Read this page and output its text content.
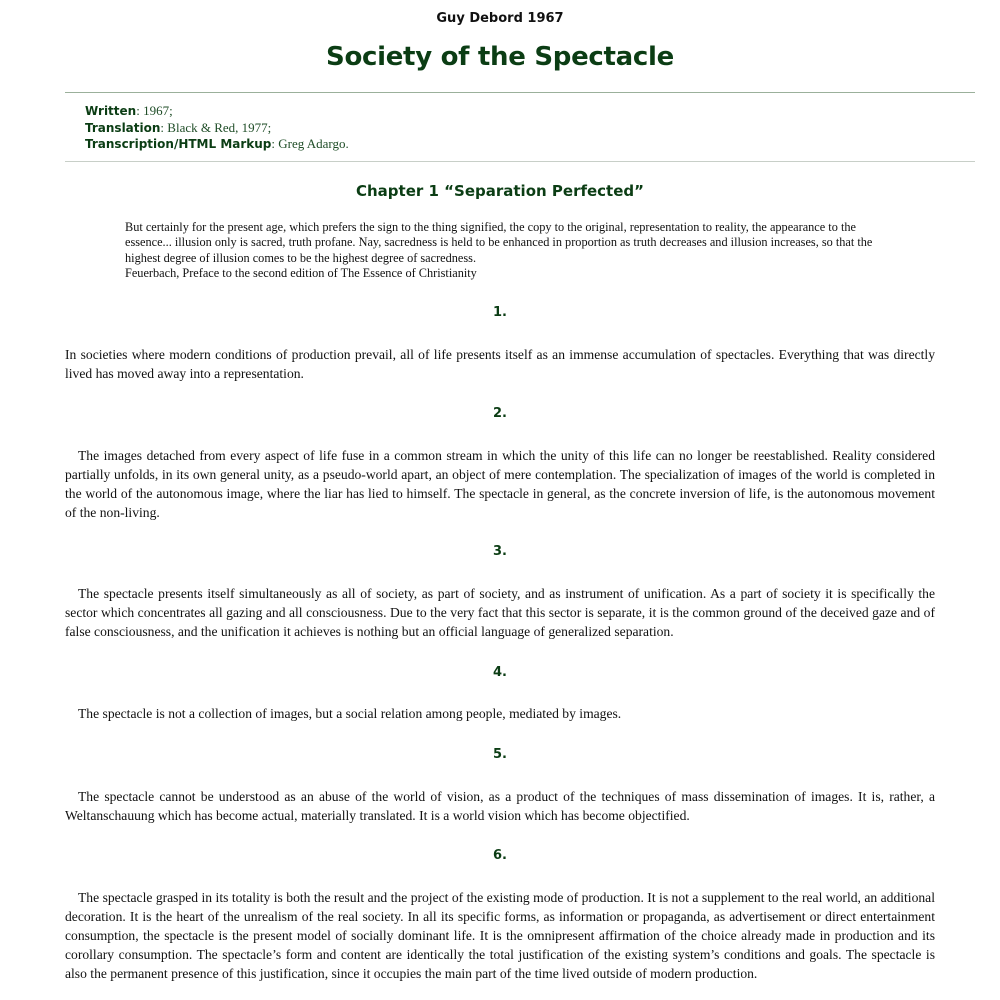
Guy Debord 1967
Society of the Spectacle
Written: 1967;
Translation: Black & Red, 1977;
Transcription/HTML Markup: Greg Adargo.
Chapter 1 “Separation Perfected”
But certainly for the present age, which prefers the sign to the thing signified, the copy to the original, representation to reality, the appearance to the essence... illusion only is sacred, truth profane. Nay, sacredness is held to be enhanced in proportion as truth decreases and illusion increases, so that the highest degree of illusion comes to be the highest degree of sacredness.
Feuerbach, Preface to the second edition of The Essence of Christianity
1.
In societies where modern conditions of production prevail, all of life presents itself as an immense accumulation of spectacles. Everything that was directly lived has moved away into a representation.
2.
The images detached from every aspect of life fuse in a common stream in which the unity of this life can no longer be reestablished. Reality considered partially unfolds, in its own general unity, as a pseudo-world apart, an object of mere contemplation. The specialization of images of the world is completed in the world of the autonomous image, where the liar has lied to himself. The spectacle in general, as the concrete inversion of life, is the autonomous movement of the non-living.
3.
The spectacle presents itself simultaneously as all of society, as part of society, and as instrument of unification. As a part of society it is specifically the sector which concentrates all gazing and all consciousness. Due to the very fact that this sector is separate, it is the common ground of the deceived gaze and of false consciousness, and the unification it achieves is nothing but an official language of generalized separation.
4.
The spectacle is not a collection of images, but a social relation among people, mediated by images.
5.
The spectacle cannot be understood as an abuse of the world of vision, as a product of the techniques of mass dissemination of images. It is, rather, a Weltanschauung which has become actual, materially translated. It is a world vision which has become objectified.
6.
The spectacle grasped in its totality is both the result and the project of the existing mode of production. It is not a supplement to the real world, an additional decoration. It is the heart of the unrealism of the real society. In all its specific forms, as information or propaganda, as advertisement or direct entertainment consumption, the spectacle is the present model of socially dominant life. It is the omnipresent affirmation of the choice already made in production and its corollary consumption. The spectacle’s form and content are identically the total justification of the existing system’s conditions and goals. The spectacle is also the permanent presence of this justification, since it occupies the main part of the time lived outside of modern production.
